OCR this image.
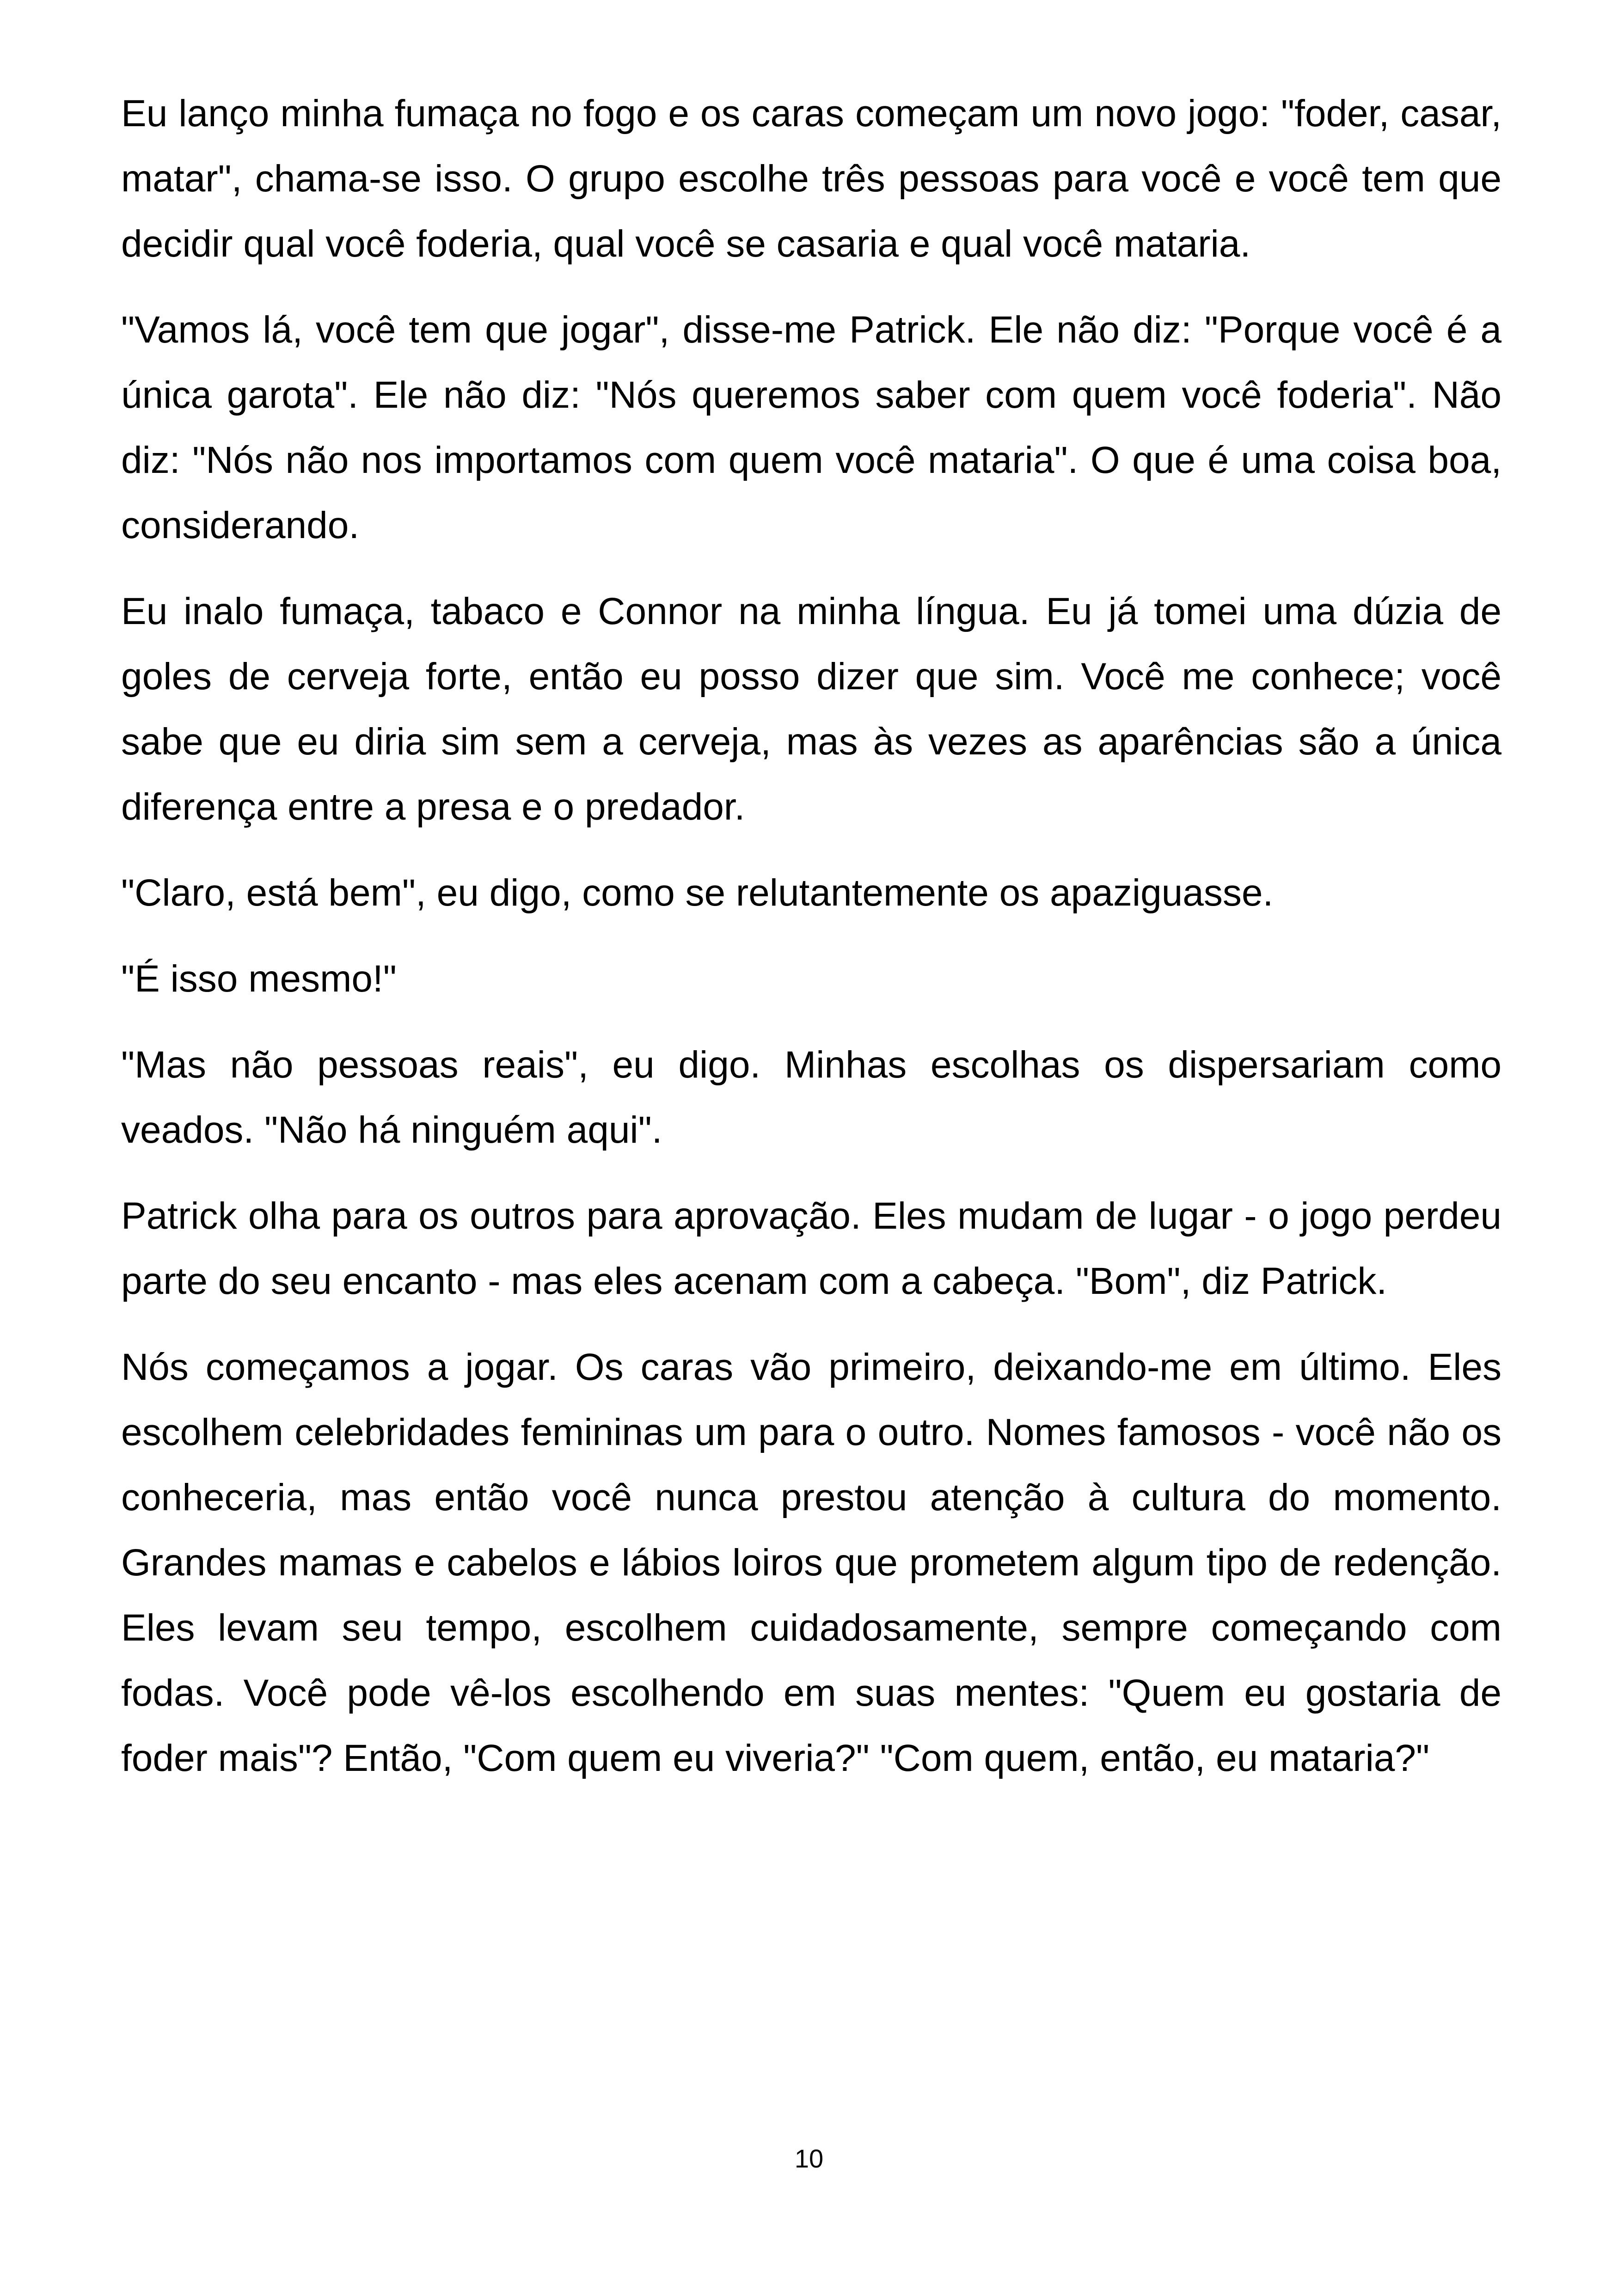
Eu lanço minha fumaça no fogo e os caras começam um novo jogo: "foder, casar, matar", chama-se isso. O grupo escolhe três pessoas para você e você tem que decidir qual você foderia, qual você se casaria e qual você mataria.

"Vamos lá, você tem que jogar", disse-me Patrick. Ele não diz: "Porque você é a única garota". Ele não diz: "Nós queremos saber com quem você foderia". Não diz: "Nós não nos importamos com quem você mataria". O que é uma coisa boa, considerando.

Eu inalo fumaça, tabaco e Connor na minha língua. Eu já tomei uma dúzia de goles de cerveja forte, então eu posso dizer que sim. Você me conhece; você sabe que eu diria sim sem a cerveja, mas às vezes as aparências são a única diferença entre a presa e o predador.

"Claro, está bem", eu digo, como se relutantemente os apaziguasse.

"É isso mesmo!"

"Mas não pessoas reais", eu digo. Minhas escolhas os dispersariam como veados. "Não há ninguém aqui".

Patrick olha para os outros para aprovação. Eles mudam de lugar - o jogo perdeu parte do seu encanto - mas eles acenam com a cabeça. "Bom", diz Patrick.

Nós começamos a jogar. Os caras vão primeiro, deixando-me em último. Eles escolhem celebridades femininas um para o outro. Nomes famosos - você não os conheceria, mas então você nunca prestou atenção à cultura do momento. Grandes mamas e cabelos e lábios loiros que prometem algum tipo de redenção. Eles levam seu tempo, escolhem cuidadosamente, sempre começando com fodas. Você pode vê-los escolhendo em suas mentes: "Quem eu gostaria de foder mais"? Então, "Com quem eu viveria?" "Com quem, então, eu mataria?"

10
